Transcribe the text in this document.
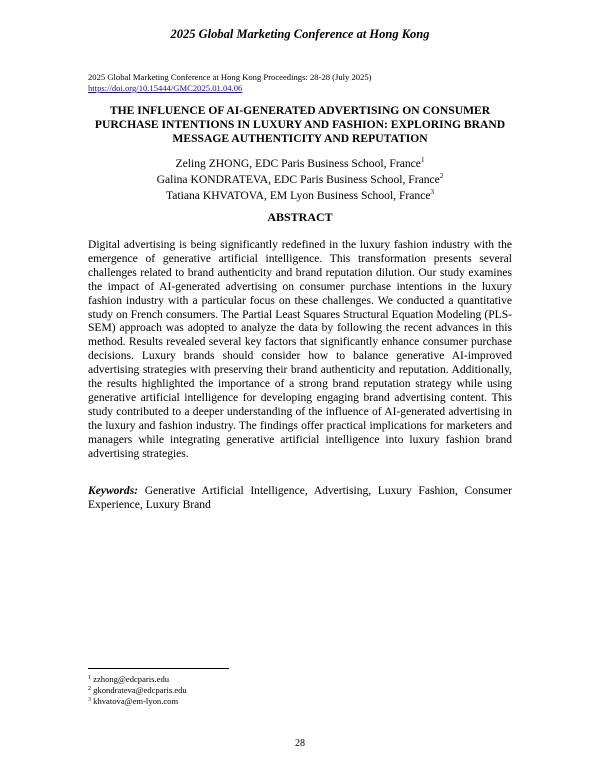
2025 Global Marketing Conference at Hong Kong
2025 Global Marketing Conference at Hong Kong Proceedings: 28-28 (July 2025)
https://doi.org/10.15444/GMC2025.01.04.06
THE INFLUENCE OF AI-GENERATED ADVERTISING ON CONSUMER PURCHASE INTENTIONS IN LUXURY AND FASHION: EXPLORING BRAND MESSAGE AUTHENTICITY AND REPUTATION
Zeling ZHONG, EDC Paris Business School, France$^1$
Galina KONDRATEVA, EDC Paris Business School, France$^2$
Tatiana KHVATOVA, EM Lyon Business School, France$^3$
ABSTRACT

Digital advertising is being significantly redefined in the luxury fashion industry with the emergence of generative artificial intelligence. This transformation presents several challenges related to brand authenticity and brand reputation dilution. Our study examines the impact of AI-generated advertising on consumer purchase intentions in the luxury fashion industry with a particular focus on these challenges. We conducted a quantitative study on French consumers. The Partial Least Squares Structural Equation Modeling (PLS-SEM) approach was adopted to analyze the data by following the recent advances in this method. Results revealed several key factors that significantly enhance consumer purchase decisions. Luxury brands should consider how to balance generative AI-improved advertising strategies with preserving their brand authenticity and reputation. Additionally, the results highlighted the importance of a strong brand reputation strategy while using generative artificial intelligence for developing engaging brand advertising content. This study contributed to a deeper understanding of the influence of AI-generated advertising in the luxury and fashion industry. The findings offer practical implications for marketers and managers while integrating generative artificial intelligence into luxury fashion brand advertising strategies.

Keywords: Generative Artificial Intelligence, Advertising, Luxury Fashion, Consumer Experience, Luxury Brand

$^1$ zzhong@edcparis.edu
$^2$ gkondrateva@edcparis.edu
$^3$ khvatova@em-lyon.com
28
